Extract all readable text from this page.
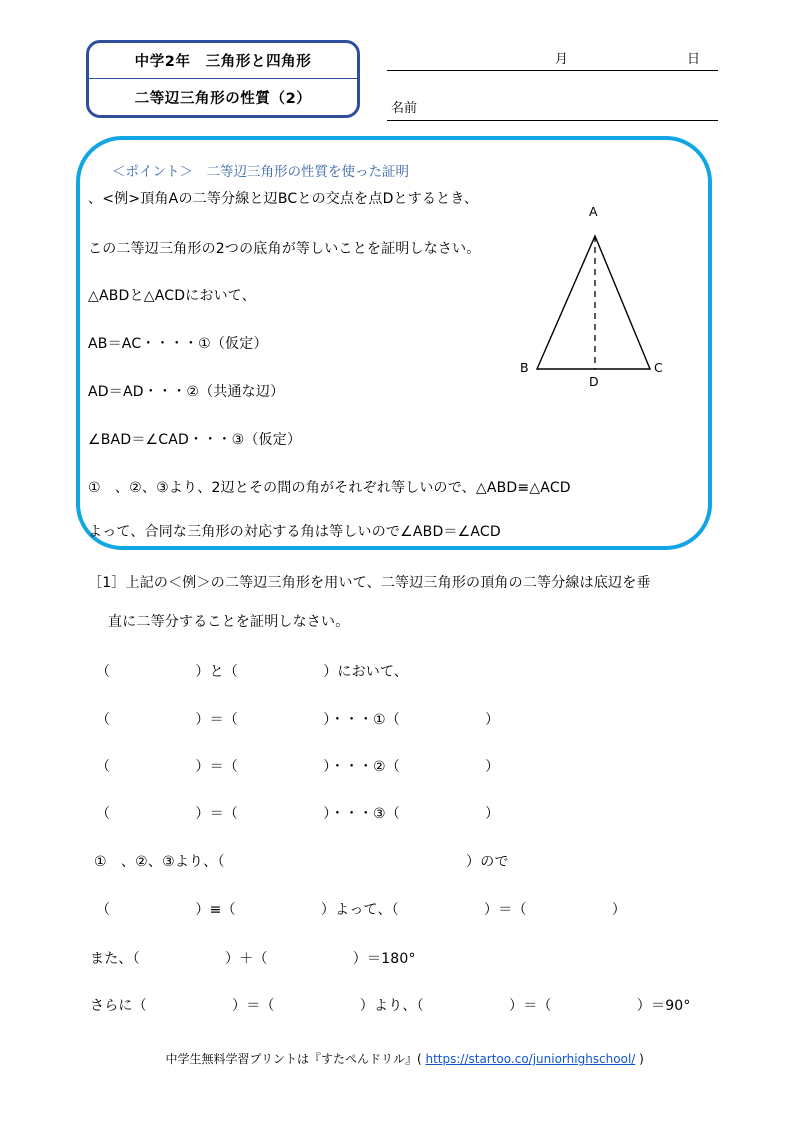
中学2年　三角形と四角形
二等辺三角形の性質（2）
月	日
名前
＜ポイント＞　二等辺三角形の性質を使った証明
、<例>頂角Aの二等分線と辺BCとの交点を点Dとするとき、
この二等辺三角形の2つの底角が等しいことを証明しなさい。
△ABDと△ACDにおいて、
AB＝AC・・・・①（仮定）
AD＝AD・・・②（共通な辺）
∠BAD＝∠CAD・・・③（仮定）
①　、②、③より、2辺とその間の角がそれぞれ等しいので、△ABD≡△ACD
よって、合同な三角形の対応する角は等しいので∠ABD＝∠ACD
A
B	C
D
［1］上記の＜例＞の二等辺三角形を用いて、二等辺三角形の頂角の二等分線は底辺を垂
直に二等分することを証明しなさい。
（　　　　　　）と（　　　　　　）において、
（　　　　　　）＝（　　　　　　）・・・①（　　　　　　）
（　　　　　　）＝（　　　　　　）・・・②（　　　　　　）
（　　　　　　）＝（　　　　　　）・・・③（　　　　　　）
①　、②、③より、（　　　　　　　　　　　　　　　　　）ので
（　　　　　　）≡（　　　　　　）よって、（　　　　　　）＝（　　　　　　）
また、（　　　　　　）＋（　　　　　　）＝180°
さらに（　　　　　　）＝（　　　　　　）より、（　　　　　　）＝（　　　　　　）＝90°

中学生無料学習プリントは『すたぺんドリル』( https://startoo.co/juniorhighschool/ )
